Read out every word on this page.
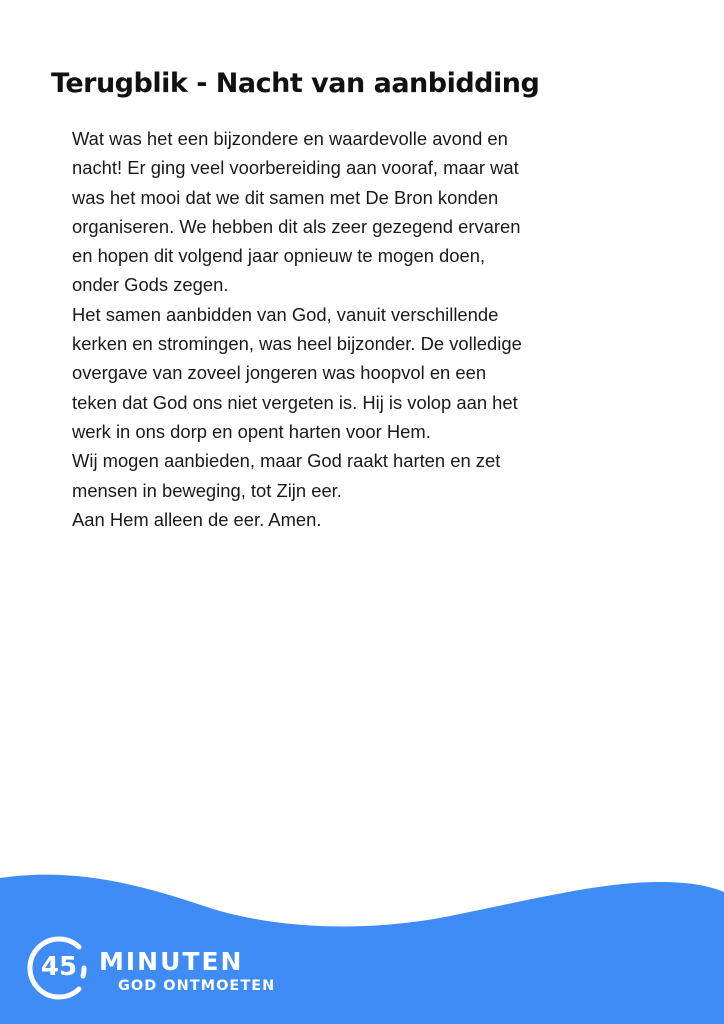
Terugblik - Nacht van aanbidding

Wat was het een bijzondere en waardevolle avond en

nacht! Er ging veel voorbereiding aan vooraf, maar wat

was het mooi dat we dit samen met De Bron konden

organiseren. We hebben dit als zeer gezegend ervaren

en hopen dit volgend jaar opnieuw te mogen doen,

onder Gods zegen.

Het samen aanbidden van God, vanuit verschillende

kerken en stromingen, was heel bijzonder. De volledige

overgave van zoveel jongeren was hoopvol en een

teken dat God ons niet vergeten is. Hij is volop aan het

werk in ons dorp en opent harten voor Hem.

Wij mogen aanbieden, maar God raakt harten en zet

mensen in beweging, tot Zijn eer.

Aan Hem alleen de eer. Amen.

45 MINUTEN
GOD ONTMOETEN
